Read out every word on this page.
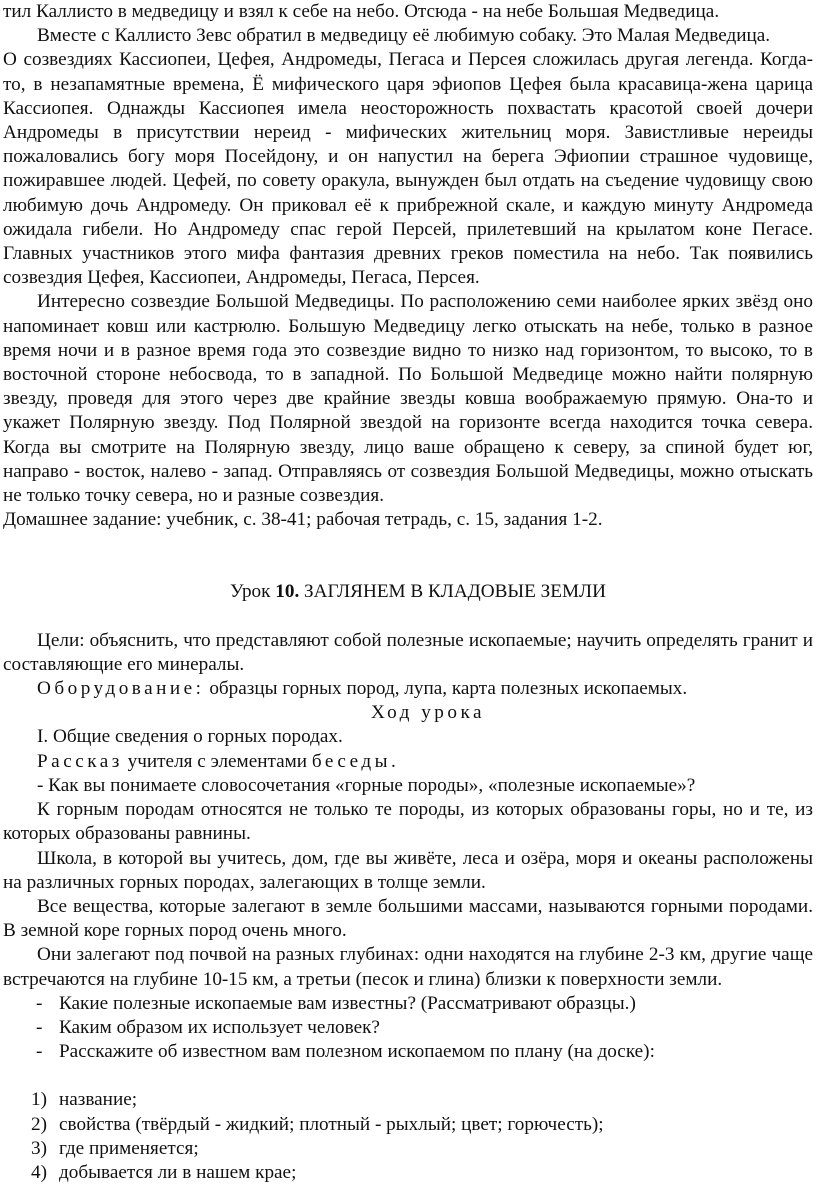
тил Каллисто в медведицу и взял к себе на небо. Отсюда - на небе Большая Медведица.

Вместе с Каллисто Зевс обратил в медведицу её любимую собаку. Это Малая Медведица.

О созвездиях Кассиопеи, Цефея, Андромеды, Пегаса и Персея сложилась другая легенда. Когда-то, в незапамятные времена, Ё мифического царя эфиопов Цефея была красавица-жена царица Кассиопея. Однажды Кассиопея имела неосторожность похвастать красотой своей дочери Андромеды в присутствии нереид - мифических жительниц моря. Завистливые нереиды пожаловались богу моря Посейдону, и он напустил на берега Эфиопии страшное чудовище, пожиравшее людей. Цефей, по совету оракула, вынужден был отдать на съедение чудовищу свою любимую дочь Андромеду. Он приковал её к прибрежной скале, и каждую минуту Андромеда ожидала гибели. Но Андромеду спас герой Персей, прилетевший на крылатом коне Пегасе. Главных участников этого мифа фантазия древних греков поместила на небо. Так появились созвездия Цефея, Кассиопеи, Андромеды, Пегаса, Персея.

Интересно созвездие Большой Медведицы. По расположению семи наиболее ярких звёзд оно напоминает ковш или кастрюлю. Большую Медведицу легко отыскать на небе, только в разное время ночи и в разное время года это созвездие видно то низко над горизонтом, то высоко, то в восточной стороне небосвода, то в западной. По Большой Медведице можно найти полярную звезду, проведя для этого через две крайние звезды ковша воображаемую прямую. Она-то и укажет Полярную звезду. Под Полярной звездой на горизонте всегда находится точка севера. Когда вы смотрите на Полярную звезду, лицо ваше обращено к северу, за спиной будет юг, направо - восток, налево - запад. Отправляясь от созвездия Большой Медведицы, можно отыскать не только точку севера, но и разные созвездия.

Домашнее задание: учебник, с. 38-41; рабочая тетрадь, с. 15, задания 1-2.

Урок 10. ЗАГЛЯНЕМ В КЛАДОВЫЕ ЗЕМЛИ

Цели: объяснить, что представляют собой полезные ископаемые; научить определять гранит и составляющие его минералы.

Оборудование: образцы горных пород, лупа, карта полезных ископаемых.

Ход урока

I. Общие сведения о горных породах.

Рассказ учителя с элементами беседы.

- Как вы понимаете словосочетания «горные породы», «полезные ископаемые»?

К горным породам относятся не только те породы, из которых образованы горы, но и те, из которых образованы равнины.

Школа, в которой вы учитесь, дом, где вы живёте, леса и озёра, моря и океаны расположены на различных горных породах, залегающих в толще земли.

Все вещества, которые залегают в земле большими массами, называются горными породами. В земной коре горных пород очень много.

Они залегают под почвой на разных глубинах: одни находятся на глубине 2-3 км, другие чаще встречаются на глубине 10-15 км, а третьи (песок и глина) близки к поверхности земли.

- Какие полезные ископаемые вам известны? (Рассматривают образцы.)
- Каким образом их использует человек?
- Расскажите об известном вам полезном ископаемом по плану (на доске):
1) название;
2) свойства (твёрдый - жидкий; плотный - рыхлый; цвет; горючесть);
3) где применяется;
4) добывается ли в нашем крае;
